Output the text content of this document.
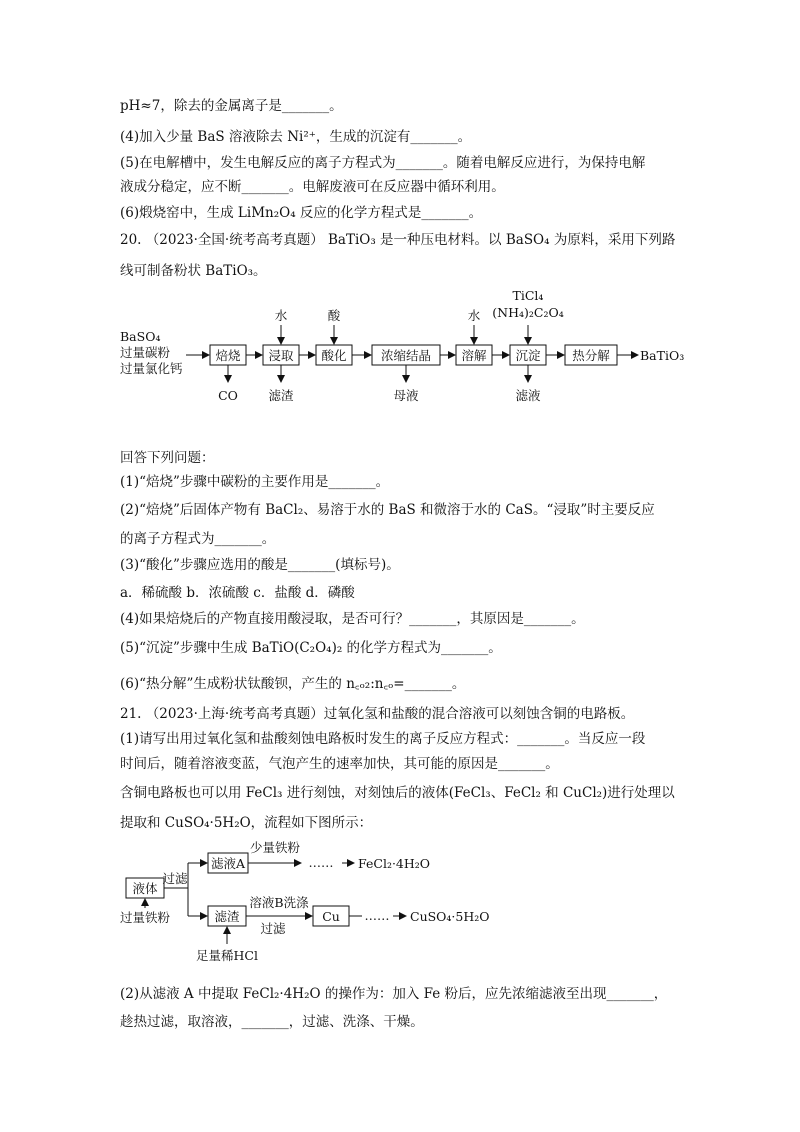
pH≈7，除去的金属离子是_______。
(4)加入少量 BaS 溶液除去 Ni²⁺，生成的沉淀有_______。
(5)在电解槽中，发生电解反应的离子方程式为_______。随着电解反应进行，为保持电解
液成分稳定，应不断_______。电解废液可在反应器中循环利用。
(6)煅烧窑中，生成 LiMn₂O₄ 反应的化学方程式是_______。
20. （2023·全国·统考高考真题） BaTiO₃ 是一种压电材料。以 BaSO₄ 为原料，采用下列路
线可制备粉状 BaTiO₃。
回答下列问题：
(1)“焙烧”步骤中碳粉的主要作用是_______。
(2)“焙烧”后固体产物有 BaCl₂、易溶于水的 BaS 和微溶于水的 CaS。“浸取”时主要反应
的离子方程式为_______。
(3)“酸化”步骤应选用的酸是_______(填标号)。
a．稀硫酸 b．浓硫酸 c．盐酸 d．磷酸
(4)如果焙烧后的产物直接用酸浸取，是否可行？_______，其原因是_______。
(5)“沉淀”步骤中生成 BaTiO(C₂O₄)₂ 的化学方程式为_______。
(6)“热分解”生成粉状钛酸钡，产生的 n꜀ₒ₂:n꜀ₒ=_______。
21. （2023·上海·统考高考真题）过氧化氢和盐酸的混合溶液可以刻蚀含铜的电路板。
(1)请写出用过氧化氢和盐酸刻蚀电路板时发生的离子反应方程式：_______。当反应一段
时间后，随着溶液变蓝，气泡产生的速率加快，其可能的原因是_______。
含铜电路板也可以用 FeCl₃ 进行刻蚀，对刻蚀后的液体(FeCl₃、FeCl₂ 和 CuCl₂)进行处理以
提取和 CuSO₄·5H₂O，流程如下图所示：
(2)从滤液 A 中提取 FeCl₂·4H₂O 的操作为：加入 Fe 粉后，应先浓缩滤液至出现_______，
趁热过滤，取溶液，_______，过滤、洗涤、干燥。
BaSO₄
过量碳粉
过量氯化钙
焙烧 浸取 酸化	浓缩结晶 溶解 沉淀	热分解 BaTiO₃
水	酸	水
TiCl₄
(NH₄)₂C₂O₄
CO 滤渣	母液	滤液
液体
过滤
过量铁粉
滤液A
少量铁粉
…… FeCl₂·4H₂O
滤渣
溶液B洗涤
过滤
Cu …… CuSO₄·5H₂O
足量稀HCl
